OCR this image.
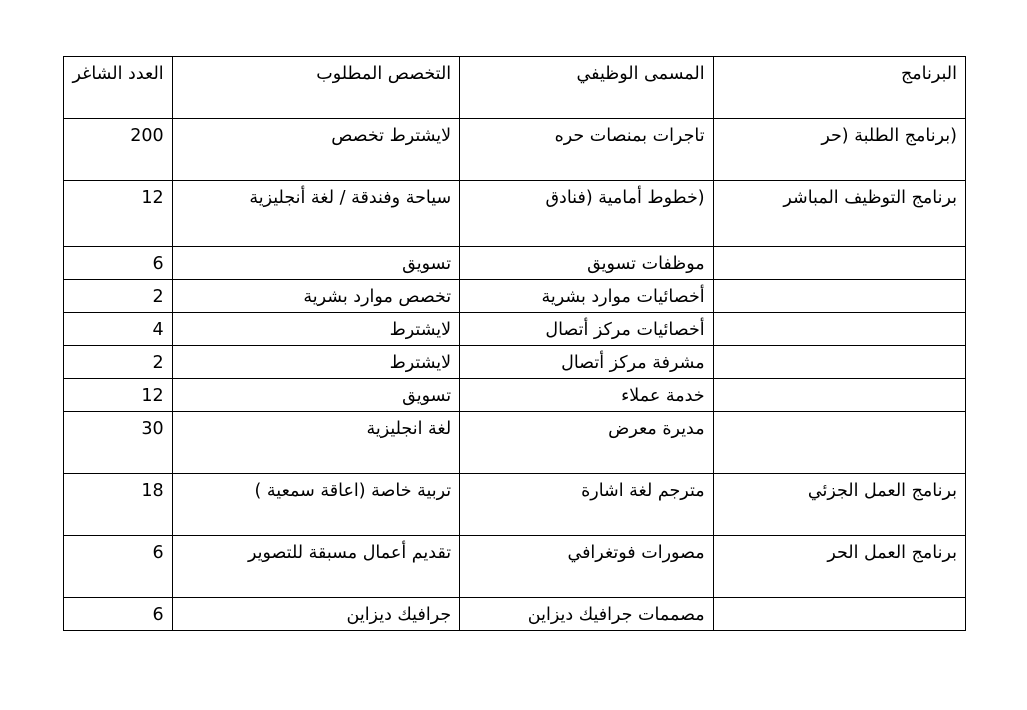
البرنامج	المسمى الوظيفي	التخصص المطلوب	العدد الشاغر
(برنامج الطلبة (حر	تاجرات بمنصات حره	لايشترط تخصص	200
برنامج التوظيف المباشر	(خطوط أمامية (فنادق	سياحة وفندقة / لغة أنجليزية	12
	موظفات تسويق	تسويق	6
	أخصائيات موارد بشرية	تخصص موارد بشرية	2
	أخصائيات مركز أتصال	لايشترط	4
	مشرفة مركز أتصال	لايشترط	2
	خدمة عملاء	تسويق	12
	مديرة معرض	لغة انجليزية	30
برنامج العمل الجزئي	مترجم لغة اشارة	تربية خاصة (اعاقة سمعية )	18
برنامج العمل الحر	مصورات فوتغرافي	تقديم أعمال مسبقة للتصوير	6
	مصممات جرافيك ديزاين	جرافيك ديزاين	6
